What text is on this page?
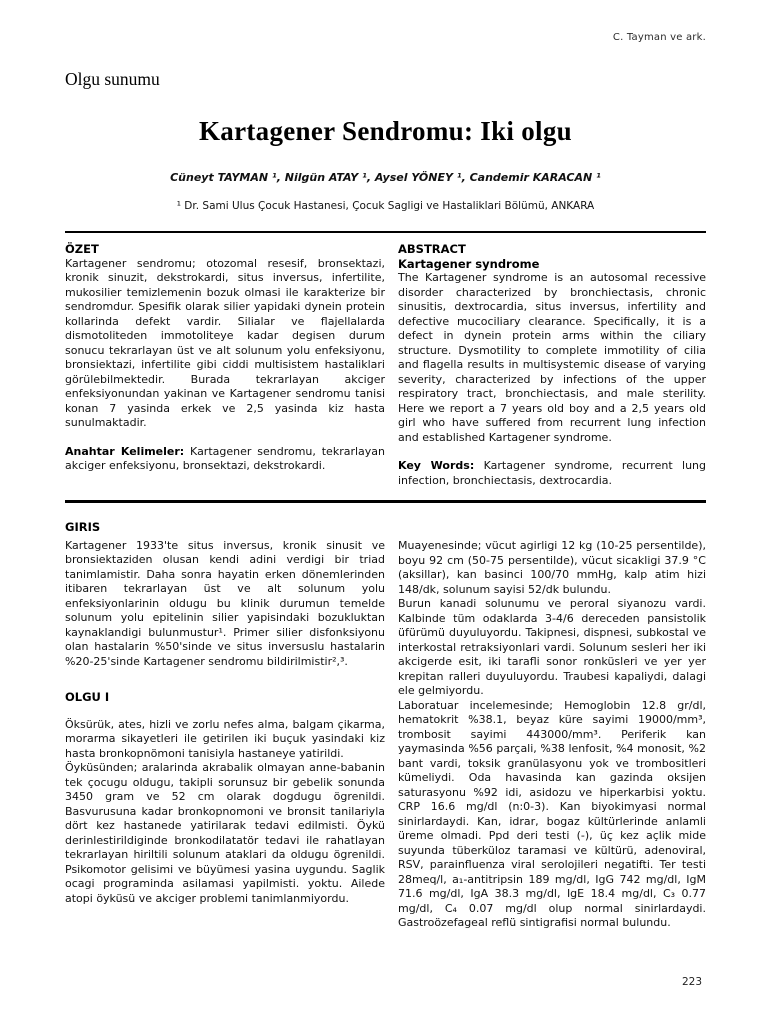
C. Tayman ve ark.
Olgu sunumu
Kartagener Sendromu: Iki olgu
Cüneyt TAYMAN ¹, Nilgün ATAY ¹, Aysel YÖNEY ¹, Candemir KARACAN ¹
¹ Dr. Sami Ulus Çocuk Hastanesi, Çocuk Sagligi ve Hastaliklari Bölümü, ANKARA
ÖZET

Kartagener sendromu; otozomal resesif, bronsektazi, kronik sinuzit, dekstrokardi, situs inversus, infertilite, mukosilier temizlemenin bozuk olmasi ile karakterize bir sendromdur. Spesifik olarak silier yapidaki dynein protein kollarinda defekt vardir. Silialar ve flajellalarda dismotoliteden immotoliteye kadar degisen durum sonucu tekrarlayan üst ve alt solunum yolu enfeksiyonu, bronsiektazi, infertilite gibi ciddi multisistem hastaliklari görülebilmektedir. Burada tekrarlayan akciger enfeksiyonundan yakinan ve Kartagener sendromu tanisi konan 7 yasinda erkek ve 2,5 yasinda kiz hasta sunulmaktadir.

Anahtar Kelimeler: Kartagener sendromu, tekrarlayan akciger enfeksiyonu, bronsektazi, dekstrokardi.

ABSTRACT
Kartagener syndrome

The Kartagener syndrome is an autosomal recessive disorder characterized by bronchiectasis, chronic sinusitis, dextrocardia, situs inversus, infertility and defective mucociliary clearance. Specifically, it is a defect in dynein protein arms within the ciliary structure. Dysmotility to complete immotility of cilia and flagella results in multisystemic disease of varying severity, characterized by infections of the upper respiratory tract, bronchiectasis, and male sterility. Here we report a 7 years old boy and a 2,5 years old girl who have suffered from recurrent lung infection and established Kartagener syndrome.

Key Words: Kartagener syndrome, recurrent lung infection, bronchiectasis, dextrocardia.

GIRIS

Kartagener 1933'te situs inversus, kronik sinusit ve bronsiektaziden olusan kendi adini verdigi bir triad tanimlamistir. Daha sonra hayatin erken dönemlerinden itibaren tekrarlayan üst ve alt solunum yolu enfeksiyonlarinin oldugu bu klinik durumun temelde solunum yolu epitelinin silier yapisindaki bozukluktan kaynaklandigi bulunmustur¹. Primer silier disfonksiyonu olan hastalarin %50'sinde ve situs inversuslu hastalarin %20-25'sinde Kartagener sendromu bildirilmistir²,³.

OLGU I

Öksürük, ates, hizli ve zorlu nefes alma, balgam çikarma, morarma sikayetleri ile getirilen iki buçuk yasindaki kiz hasta bronkopnömoni tanisiyla hastaneye yatirildi.

Öyküsünden; aralarinda akrabalik olmayan anne-babanin tek çocugu oldugu, takipli sorunsuz bir gebelik sonunda 3450 gram ve 52 cm olarak dogdugu ögrenildi. Basvurusuna kadar bronkopnomoni ve bronsit tanilariyla dört kez hastanede yatirilarak tedavi edilmisti. Öykü derinlestirildiginde bronkodilatatör tedavi ile rahatlayan tekrarlayan hiriltili solunum ataklari da oldugu ögrenildi. Psikomotor gelisimi ve büyümesi yasina uygundu. Saglik ocagi programinda asilamasi yapilmisti. yoktu. Ailede atopi öyküsü ve akciger problemi tanimlanmiyordu.

Muayenesinde; vücut agirligi 12 kg (10-25 persentilde), boyu 92 cm (50-75 persentilde), vücut sicakligi 37.9 °C (aksillar), kan basinci 100/70 mmHg, kalp atim hizi 148/dk, solunum sayisi 52/dk bulundu.

Burun kanadi solunumu ve peroral siyanozu vardi. Kalbinde tüm odaklarda 3-4/6 dereceden pansistolik üfürümü duyuluyordu. Takipnesi, dispnesi, subkostal ve interkostal retraksiyonlari vardi. Solunum sesleri her iki akcigerde esit, iki tarafli sonor ronküsleri ve yer yer krepitan ralleri duyuluyordu. Traubesi kapaliydi, dalagi ele gelmiyordu.

Laboratuar incelemesinde; Hemoglobin 12.8 gr/dl, hematokrit %38.1, beyaz küre sayimi 19000/mm³, trombosit sayimi 443000/mm³. Periferik kan yaymasinda %56 parçali, %38 lenfosit, %4 monosit, %2 bant vardi, toksik granülasyonu yok ve trombositleri kümeliydi. Oda havasinda kan gazinda oksijen saturasyonu %92 idi, asidozu ve hiperkarbisi yoktu. CRP 16.6 mg/dl (n:0-3). Kan biyokimyasi normal sinirlardaydi. Kan, idrar, bogaz kültürlerinde anlamli üreme olmadi. Ppd deri testi (-), üç kez açlik mide suyunda tüberküloz taramasi ve kültürü, adenoviral, RSV, parainfluenza viral serolojileri negatifti. Ter testi 28meq/l, a₁-antitripsin 189 mg/dl, IgG 742 mg/dl, IgM 71.6 mg/dl, IgA 38.3 mg/dl, IgE 18.4 mg/dl, C₃ 0.77 mg/dl, C₄ 0.07 mg/dl olup normal sinirlardaydi. Gastroözefageal reflü sintigrafisi normal bulundu.

223
